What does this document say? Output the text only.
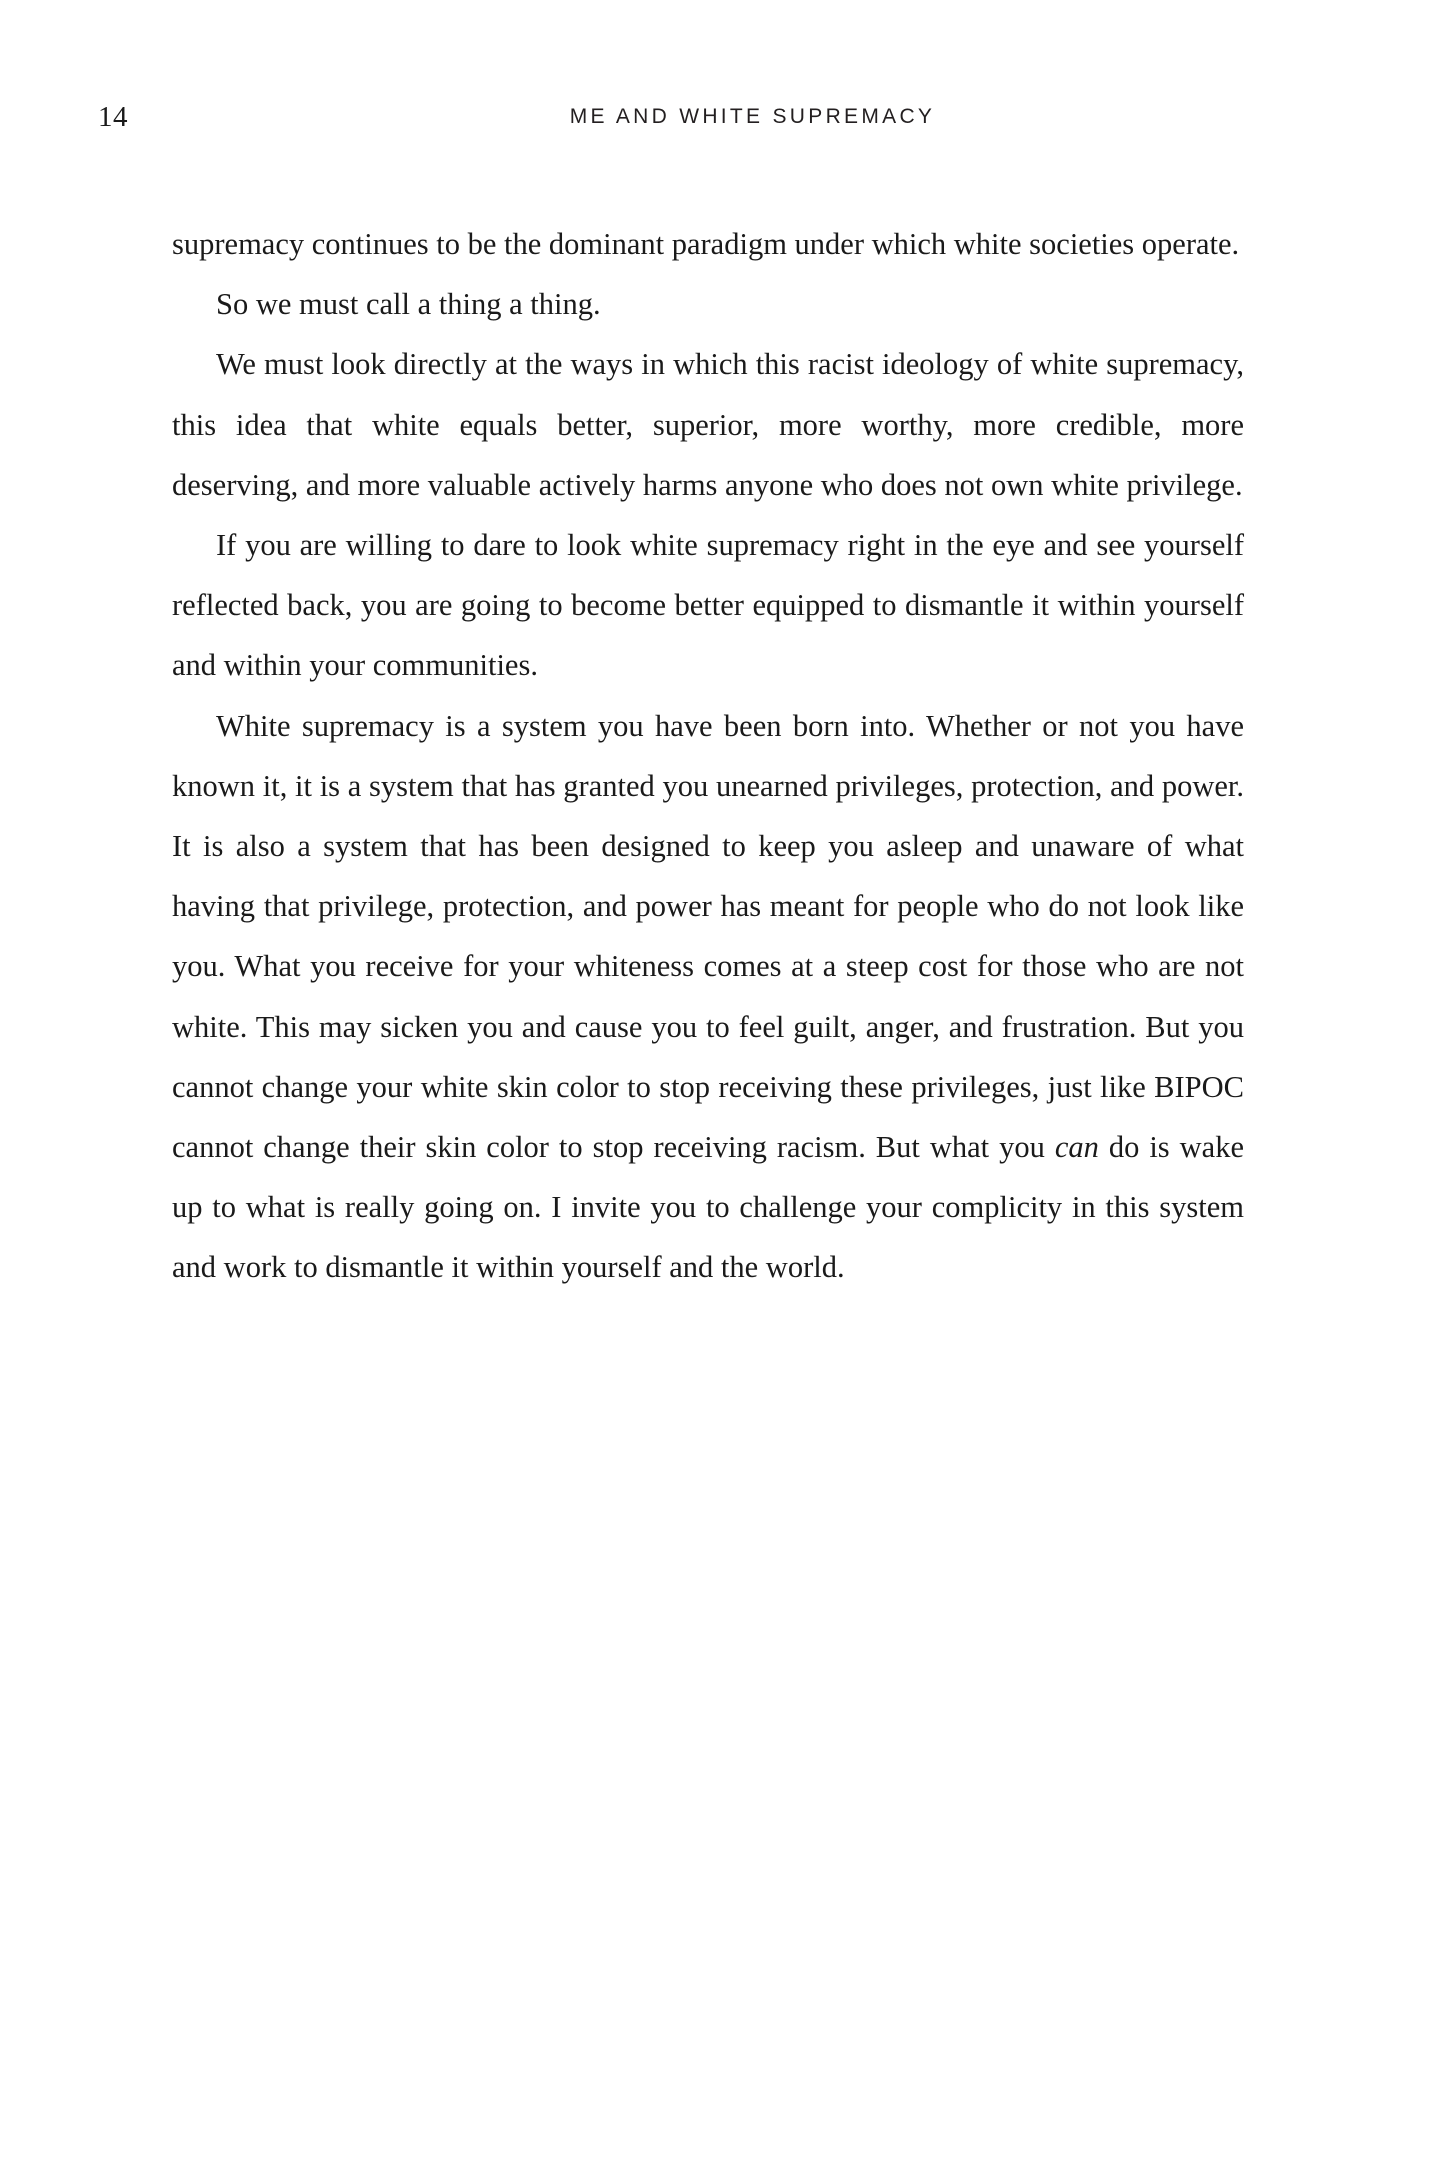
14	ME AND WHITE SUPREMACY

supremacy continues to be the dominant paradigm under which white societies operate.

So we must call a thing a thing.

We must look directly at the ways in which this racist ideology of white supremacy, this idea that white equals better, superior, more worthy, more credible, more deserving, and more valuable actively harms anyone who does not own white privilege.

If you are willing to dare to look white supremacy right in the eye and see yourself reflected back, you are going to become better equipped to dismantle it within yourself and within your communities.

White supremacy is a system you have been born into. Whether or not you have known it, it is a system that has granted you unearned privileges, protection, and power. It is also a system that has been designed to keep you asleep and unaware of what having that privilege, protection, and power has meant for people who do not look like you. What you receive for your whiteness comes at a steep cost for those who are not white. This may sicken you and cause you to feel guilt, anger, and frustration. But you cannot change your white skin color to stop receiving these privileges, just like BIPOC cannot change their skin color to stop receiving racism. But what you can do is wake up to what is really going on. I invite you to challenge your complicity in this system and work to dismantle it within yourself and the world.
